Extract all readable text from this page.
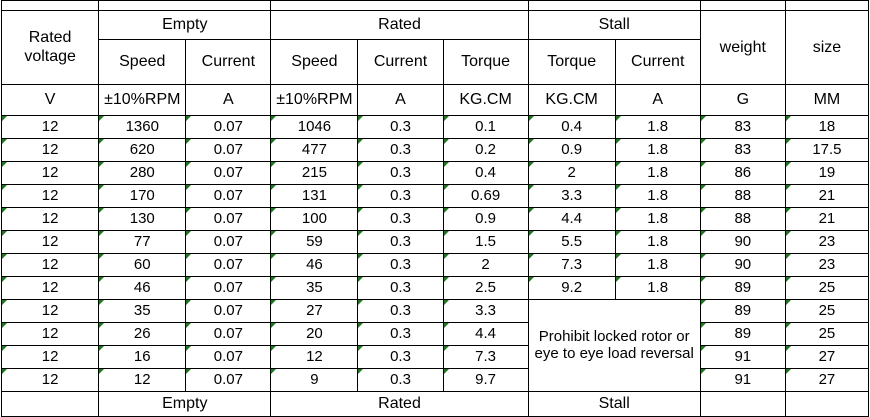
Rated voltage	Empty		Rated			Stall		weight	size
	Speed	Current	Speed	Current	Torque	Torque	Current		
V	±10%RPM	A	±10%RPM	A	KG.CM	KG.CM	A	G	MM
12	1360	0.07	1046	0.3	0.1	0.4	1.8	83	18
12	620	0.07	477	0.3	0.2	0.9	1.8	83	17.5
12	280	0.07	215	0.3	0.4	2	1.8	86	19
12	170	0.07	131	0.3	0.69	3.3	1.8	88	21
12	130	0.07	100	0.3	0.9	4.4	1.8	88	21
12	77	0.07	59	0.3	1.5	5.5	1.8	90	23
12	60	0.07	46	0.3	2	7.3	1.8	90	23
12	46	0.07	35	0.3	2.5	9.2	1.8	89	25
12	35	0.07	27	0.3	3.3	Prohibit locked rotor or eye to eye load reversal		89	25
12	26	0.07	20	0.3	4.4			89	25
12	16	0.07	12	0.3	7.3			91	27
12	12	0.07	9	0.3	9.7			91	27
	Empty		Rated			Stall			
